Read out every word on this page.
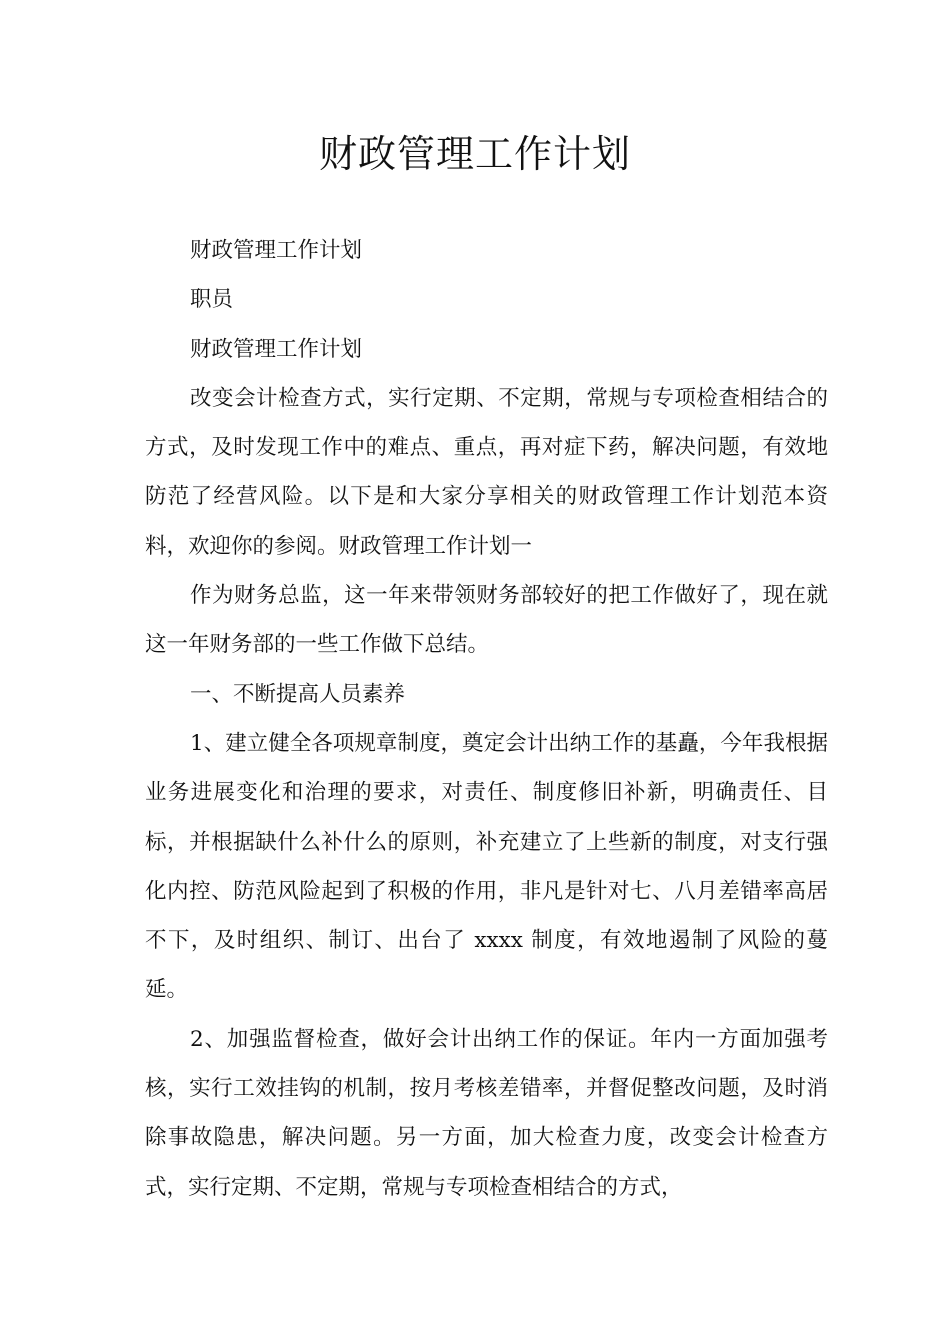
财政管理工作计划

财政管理工作计划

职员

财政管理工作计划

改变会计检查方式，实行定期、不定期，常规与专项检查相结合的方式，及时发现工作中的难点、重点，再对症下药，解决问题，有效地防范了经营风险。以下是和大家分享相关的财政管理工作计划范本资料，欢迎你的参阅。财政管理工作计划一

作为财务总监，这一年来带领财务部较好的把工作做好了，现在就这一年财务部的一些工作做下总结。

一、不断提高人员素养

1、建立健全各项规章制度，奠定会计出纳工作的基矗，今年我根据业务进展变化和治理的要求，对责任、制度修旧补新，明确责任、目标，并根据缺什么补什么的原则，补充建立了上些新的制度，对支行强化内控、防范风险起到了积极的作用，非凡是针对七、八月差错率高居不下，及时组织、制订、出台了 xxxx 制度，有效地遏制了风险的蔓延。

2、加强监督检查，做好会计出纳工作的保证。年内一方面加强考核，实行工效挂钩的机制，按月考核差错率，并督促整改问题，及时消除事故隐患，解决问题。另一方面，加大检查力度，改变会计检查方式，实行定期、不定期，常规与专项检查相结合的方式，
